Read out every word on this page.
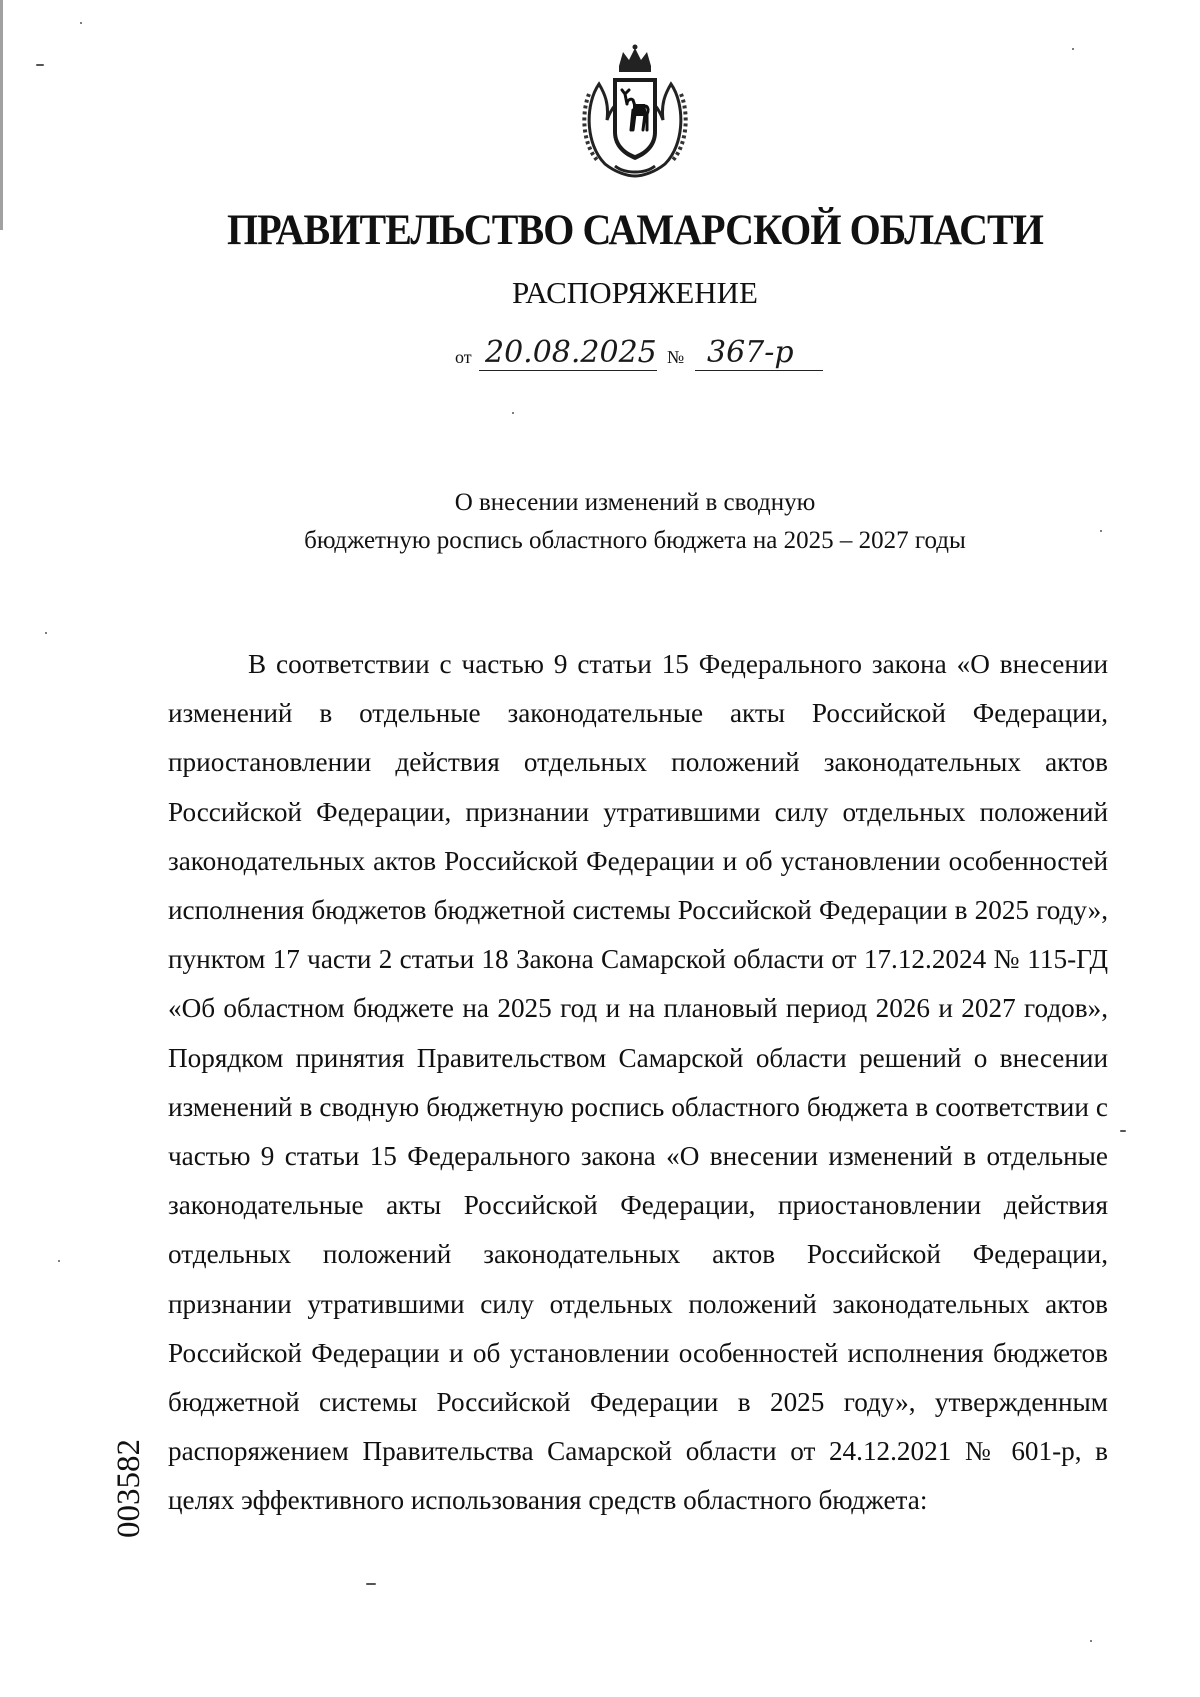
ПРАВИТЕЛЬСТВО САМАРСКОЙ ОБЛАСТИ
РАСПОРЯЖЕНИЕ
от 20.08.2025 № 367-р
О внесении изменений в сводную
бюджетную роспись областного бюджета на 2025 – 2027 годы
В соответствии с частью 9 статьи 15 Федерального закона «О внесении изменений в отдельные законодательные акты Российской Федерации, приостановлении действия отдельных положений законодательных актов Российской Федерации, признании утратившими силу отдельных положений законодательных актов Российской Федерации и об установлении особенностей исполнения бюджетов бюджетной системы Российской Федерации в 2025 году», пунктом 17 части 2 статьи 18 Закона Самарской области от 17.12.2024 № 115-ГД «Об областном бюджете на 2025 год и на плановый период 2026 и 2027 годов», Порядком принятия Правительством Самарской области решений о внесении изменений в сводную бюджетную роспись областного бюджета в соответствии с частью 9 статьи 15 Федерального закона «О внесении изменений в отдельные законодательные акты Российской Федерации, приостановлении действия отдельных положений законодательных актов Российской Федерации, признании утратившими силу отдельных положений законодательных актов Российской Федерации и об установлении особенностей исполнения бюджетов бюджетной системы Российской Федерации в 2025 году», утвержденным распоряжением Правительства Самарской области от 24.12.2021 № 601-р, в целях эффективного использования средств областного бюджета:
003582
